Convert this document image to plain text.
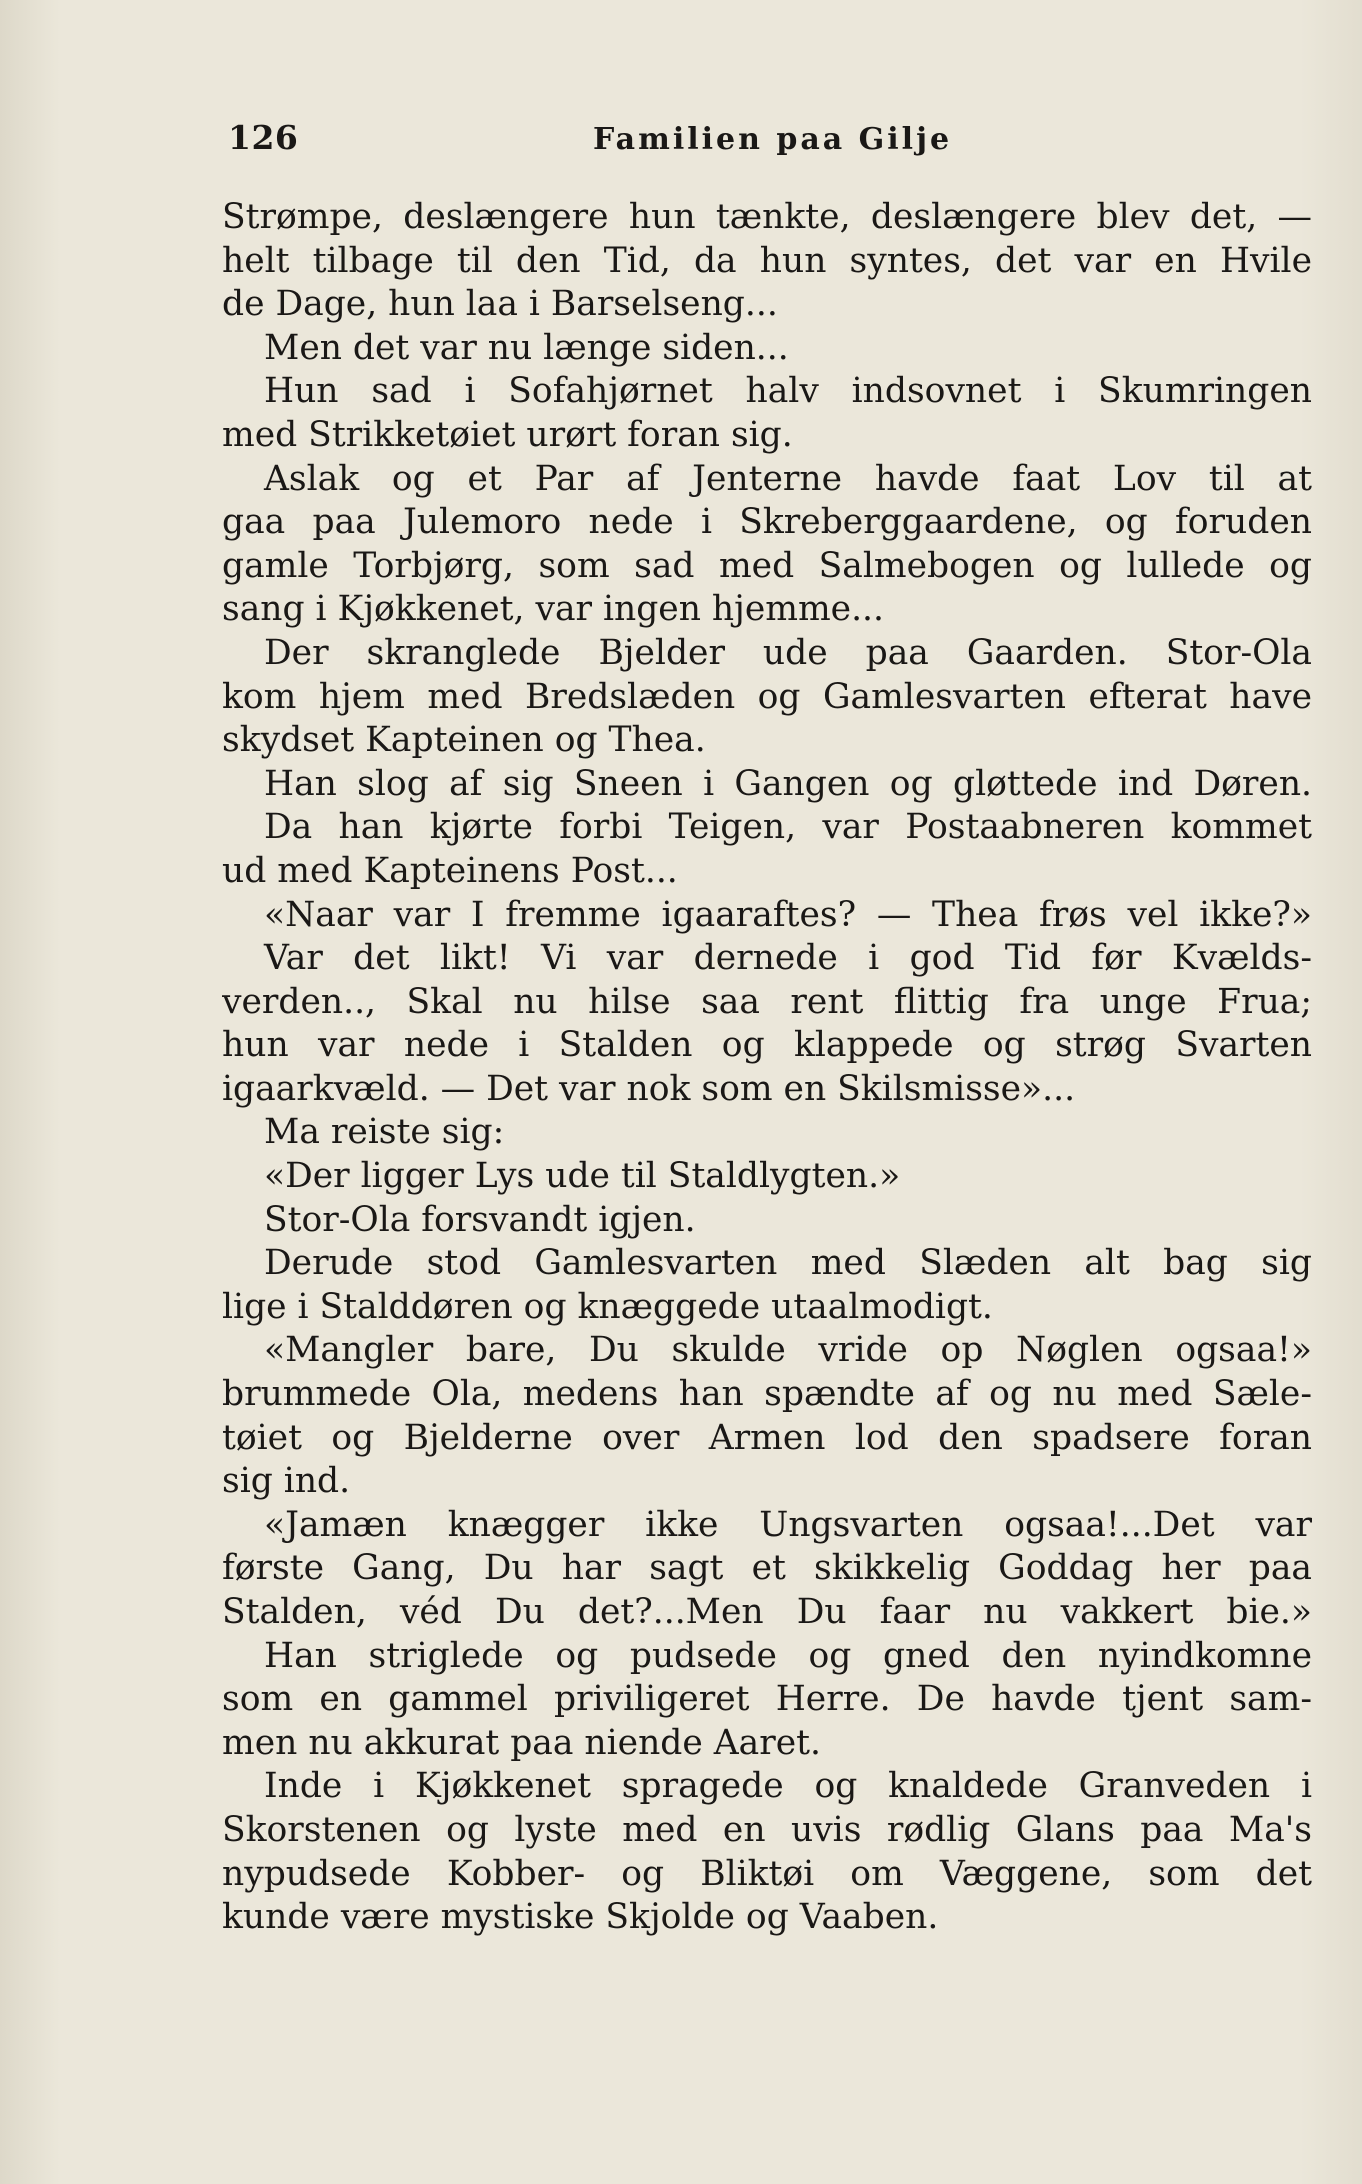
126	Familien paa Gilje
Strømpe, deslængere hun tænkte, deslængere blev det, —
helt tilbage til den Tid, da hun syntes, det var en Hvile
de Dage, hun laa i Barselseng...
Men det var nu længe siden...
Hun sad i Sofahjørnet halv indsovnet i Skumringen
med Strikketøiet urørt foran sig.
Aslak og et Par af Jenterne havde faat Lov til at
gaa paa Julemoro nede i Skreberggaardene, og foruden
gamle Torbjørg, som sad med Salmebogen og lullede og
sang i Kjøkkenet, var ingen hjemme...
Der skranglede Bjelder ude paa Gaarden. Stor-Ola
kom hjem med Bredslæden og Gamlesvarten efterat have
skydset Kapteinen og Thea.
Han slog af sig Sneen i Gangen og gløttede ind Døren.
Da han kjørte forbi Teigen, var Postaabneren kommet
ud med Kapteinens Post...
«Naar var I fremme igaaraftes? — Thea frøs vel ikke?»
Var det likt! Vi var dernede i god Tid før Kvælds-
verden.., Skal nu hilse saa rent flittig fra unge Frua;
hun var nede i Stalden og klappede og strøg Svarten
igaarkvæld. — Det var nok som en Skilsmisse»...
Ma reiste sig:
«Der ligger Lys ude til Staldlygten.»
Stor-Ola forsvandt igjen.
Derude stod Gamlesvarten med Slæden alt bag sig
lige i Stalddøren og knæggede utaalmodigt.
«Mangler bare, Du skulde vride op Nøglen ogsaa!»
brummede Ola, medens han spændte af og nu med Sæle-
tøiet og Bjelderne over Armen lod den spadsere foran
sig ind.
«Jamæn knægger ikke Ungsvarten ogsaa!...Det var
første Gang, Du har sagt et skikkelig Goddag her paa
Stalden, véd Du det?...Men Du faar nu vakkert bie.»
Han striglede og pudsede og gned den nyindkomne
som en gammel priviligeret Herre. De havde tjent sam-
men nu akkurat paa niende Aaret.
Inde i Kjøkkenet spragede og knaldede Granveden i
Skorstenen og lyste med en uvis rødlig Glans paa Ma's
nypudsede Kobber- og Bliktøi om Væggene, som det
kunde være mystiske Skjolde og Vaaben.
